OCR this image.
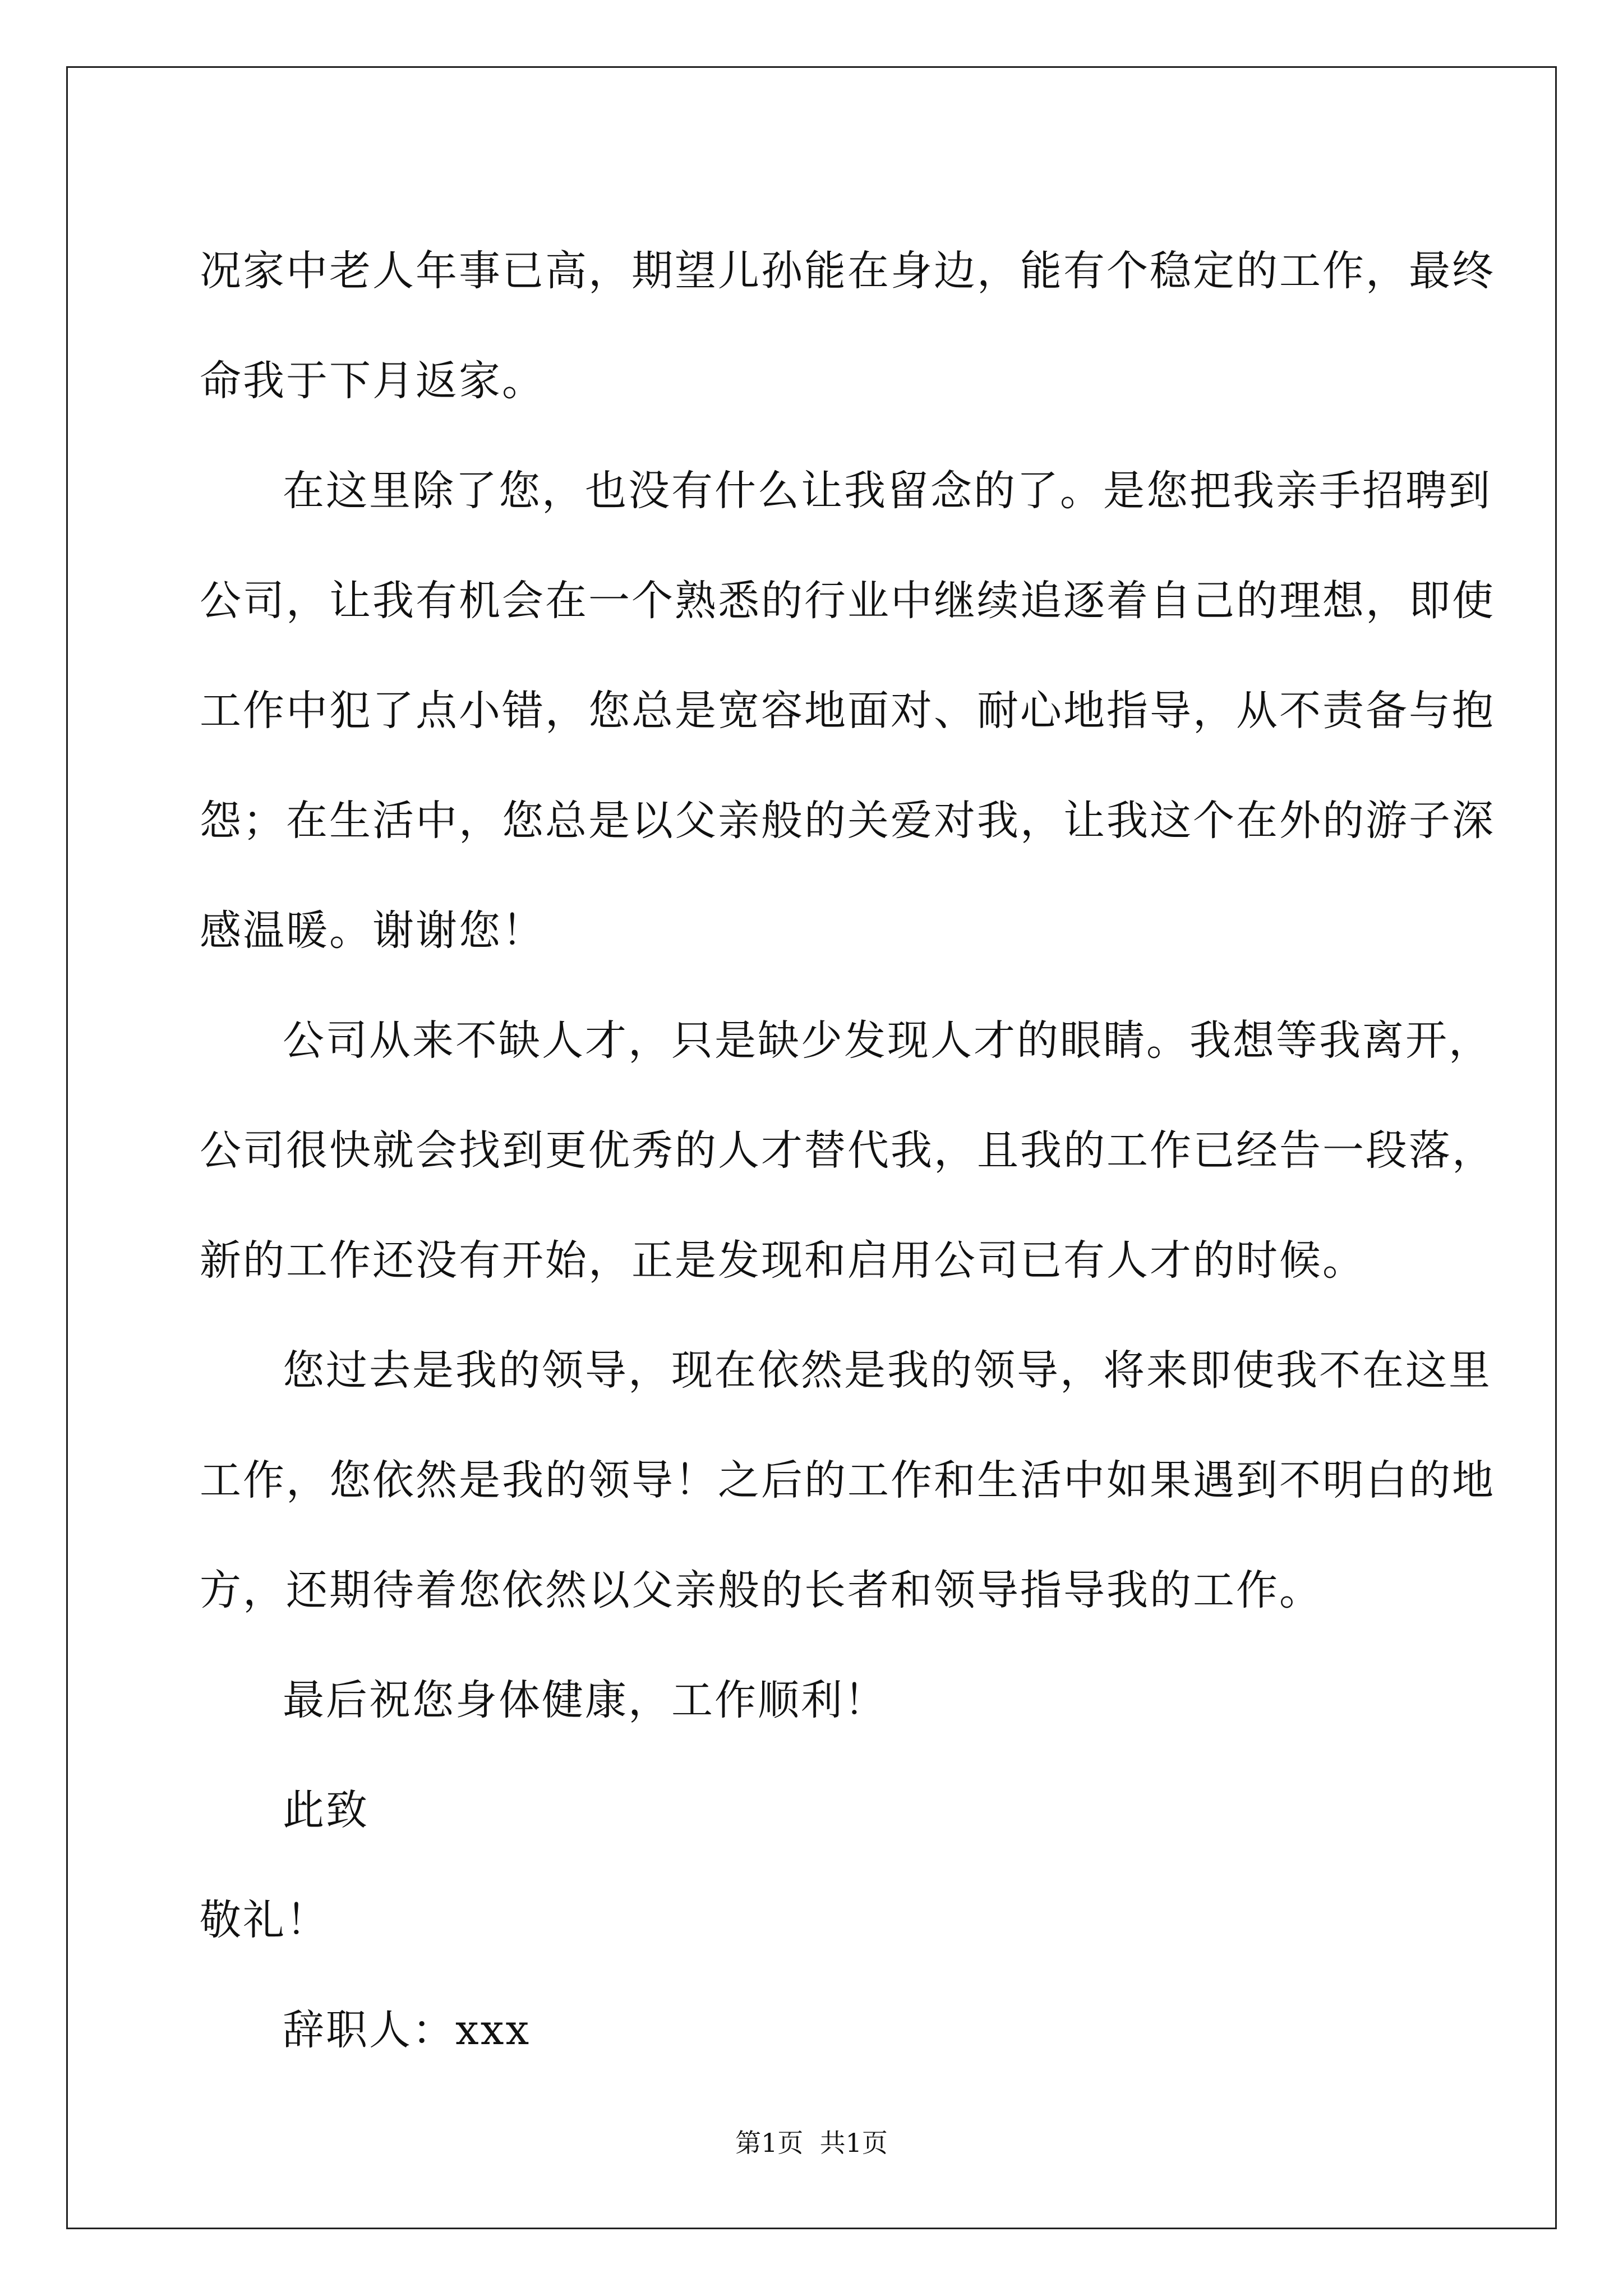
况家中老人年事已高，期望儿孙能在身边，能有个稳定的工作，最终
命我于下月返家。
在这里除了您，也没有什么让我留念的了。是您把我亲手招聘到
公司，让我有机会在一个熟悉的行业中继续追逐着自己的理想，即使
工作中犯了点小错，您总是宽容地面对、耐心地指导，从不责备与抱
怨；在生活中，您总是以父亲般的关爱对我，让我这个在外的游子深
感温暖。谢谢您！
公司从来不缺人才，只是缺少发现人才的眼睛。我想等我离开，
公司很快就会找到更优秀的人才替代我，且我的工作已经告一段落，
新的工作还没有开始，正是发现和启用公司已有人才的时候。
您过去是我的领导，现在依然是我的领导，将来即使我不在这里
工作，您依然是我的领导！之后的工作和生活中如果遇到不明白的地
方，还期待着您依然以父亲般的长者和领导指导我的工作。
最后祝您身体健康，工作顺利！
此致
敬礼！
辞职人：xxx
第1页  共1页
